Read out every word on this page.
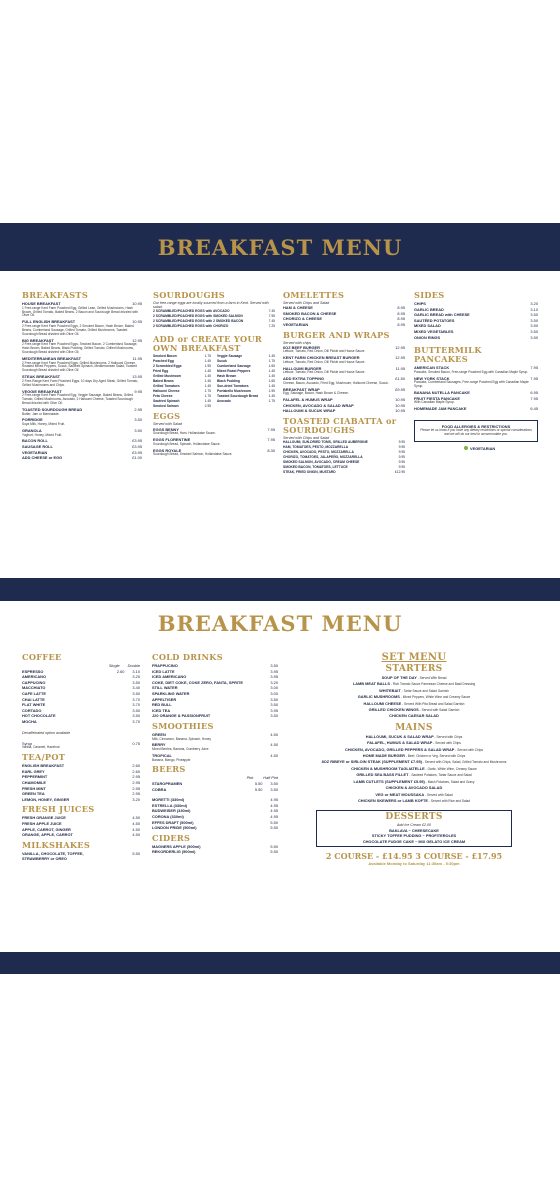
BREAKFAST MENU
BREAKFASTS
HOUSE BREAKFAST	10.95
1 Free-range Kent Farm Poached Egg, Grilled Lean, Grilled Mushrooms, Hash Brown, Grilled Tomato, Baked Beans, 2 Bacon and Sourdough Bread drizzled with Olive Oil.
FULL ENGLISH BREAKFAST	10.95
2 Free-range Kent Farm Poached Eggs, 2 Smoked Bacon, Hash Brown, Baked Beans, Cumberland Sausage, Grilled Tomato, Grilled Mushrooms, Toasted Sourdough Bread drizzled with Olive Oil.
BIG BREAKFAST	12.95
2 Free-range Kent Farm Poached Eggs, Smoked Bacon, 2 Cumberland Sausage, Hash Brown, Baked Beans, Black Pudding, Grilled Tomato, Grilled Mushrooms, Sourdough Bread drizzled with Olive Oil.
MEDITERRANEAN BREAKFAST	11.95
2 Free-range Kent Farm Poached Eggs, Grilled Mushrooms, 2 Halloumi Cheese, Roasted Mixed Peppers, Sucuk, Sauteed Spinach, Mediterranean Salad, Toasted Sourdough Bread drizzled with Olive Oil.
STEAK BREAKFAST	13.95
2 Free-Range Kent Farm Poached Eggs, 10 days Dry Aged Steak, Grilled Tomato, Grilled Mushrooms and Chips.
VEGGIE BREAKFAST	9.95
2 Free-range Kent Farm Poached Egg, Veggie Sausage, Baked Beans, Grilled Tomato, Grilled Mushrooms, Avocado, 2 Halloumi Cheese, Toasted Sourdough Bread drizzled with Olive Oil.
TOASTED SOURDOUGH BREAD	2.95
Butter, Jam or Marmalade.
PORRIDGE	3.50
Soya Milk, Honey, Mixed Fruit.
GRANOLA	3.50
Yoghurt, Honey, Mixed Fruit.
BACON ROLL	£3.95
SAUSAGE ROLL	£3.95
VEGETARIAN	£3.95
ADD CHEESE or EGG	£1.00
SOURDOUGHS
Our free-range eggs are locally sourced from a farm in Kent. Served with salad.
2 SCRAMBLED/POACHED EGGS with AVOCADO	7.45
2 SCRAMBLED/POACHED EGGS with SMOKED SALMON	7.95
2 SCRAMBLED/POACHED EGGS with 2 SMOKED BACON	7.45
2 SCRAMBLED/POACHED EGGS with CHORIZO	7.25
ADD or CREATE YOUR OWN BREAKFAST
Smoked Bacon	1.75
Poached Egg	1.45
2 Scrambled Eggs	1.95
Fried Egg	1.45
Grilled Mushroom	1.45
Baked Beans	1.45
Grilled Tomatoes	1.45
Halloumi Cheese	1.75
Feta Cheese	1.75
Sautéed Spinach	1.45
Smoked Salmon	2.95
Veggie Sausage	1.45
Sucuk	1.75
Cumberland Sausage	1.65
Mixed Roast Peppers	1.45
Hash Brown	1.45
Black Pudding	1.65
Sun-dried Tomatoes	1.45
Portabello Mushroom	1.95
Toasted Sourdough Bread	1.45
Avocado	1.75
EGGS
Served with Salad
EGGS BENNY	7.95
Sourdough Bread, Ham, Hollandaise Sauce.
EGGS FLORENTINE	7.95
Sourdough Bread, Spinach, Hollandaise Sauce.
EGGS ROYALE	8.30
Sourdough Bread, Smoked Salmon, Hollandaise Sauce.
OMELETTES
Served with Chips and Salad
HAM & CHEESE	8.95
SMOKED BACON & CHEESE	8.95
CHORIZO & CHEESE	8.95
VEGETARIAN	8.95
BURGER AND WRAPS
Served with chips
6OZ BEEF BURGER	12.95
Lettuce, Tomato, Red Onion, Dill Pickle and House Sauce.
KENT FARM CHICKEN BREAST BURGER	12.95
Lettuce, Tomato, Red Onion, Dill Pickle and House Sauce.
HALLOUMI BURGER	11.95
Lettuce, Tomato, Red Onion, Dill Pickle and House Sauce.
ADD EXTRA TOPPING	£1.50
Cheese, Bacon, Avocado, Fried Egg, Mushroom, Halloumi Cheese, Sucuk.
BREAKFAST WRAP	£9.95
Egg, Sausage, Bacon, Hash Brown & Cheese.
FALAFEL & HUMUS WRAP	10.95
CHICKEN, AVOCADO & SALAD WRAP	10.95
HALLOUMI & SUCUK WRAP	10.95
TOASTED CIABATTA or SOURDOUGHS
Served with Chips and Salad
HALLOUMI, SUN-DRIED TOMS, GRILLED AUBERGINE	9.95
HAM, TOMATOES, PESTO, MOZZARELLA	9.95
CHICKEN, AVOCADO, PESTO, MOZZARELLA	9.95
CHORIZO, TOMATOES, JALAPEÑO, MOZZARELLA	9.95
SMOKED SALMON, AVOCADO, CREAM CHEESE	9.95
SMOKED BACON, TOMATOES, LETTUCE	9.95
STEAK, FRIED ONION, MUSTARD	£12.95
SIDES
CHIPS	3.20
GARLIC BREAD	3.10
GARLIC BREAD with CHEESE	3.50
SAUTÉED POTATOES	3.50
MIXED SALAD	3.50
MIXED VEGETABLES	3.50
ONION RINGS	3.50
BUTTERMILK PANCAKES
AMERICAN STACK	7.95
Pancake, Smoked Bacon, Free-range Poached Egg with Canadian Maple Syrup.
NEW YORK STACK	7.95
Pancake, Cumberland Sausages, Free-range Poached Egg with Canadian Maple Syrup.
BANANA NUTELLA PANCAKE	6.95
FRUIT FIESTA PANCAKE	7.95
With Canadian Maple Syrup.
HOMEMADE JAM PANCAKE	6.45
FOOD ALLERGIES & RESTRICTIONS
Please let us know if you have any dietary restrictions or special considerations and we will do our best to accommodate you.
VEGETARIAN
BREAKFAST MENU
COFFEE
Single Double
ESPRESSO	2.60 3.10
AMERICANO	3.20
CAPPUCINO	3.50
MACCHIATO	3.40
CAFE LATTE	3.50
CHAI LATTE	3.70
FLAT WHITE	3.70
CORTADO	3.50
HOT CHOCOLATE	3.50
MOCHA	3.70
Decaffeinated option available
Syrup	0.75
Vanilla, Caramel, Hazelnut
TEA/POT
ENGLISH BREAKFAST	2.60
EARL GREY	2.60
PEPPERMINT	2.95
CHAMOMILE	2.95
FRESH MINT	2.95
GREEN TEA	2.95
LEMON, HONEY, GINGER	3.20
FRESH JUICES
FRESH ORANGE JUICE	4.50
FRESH APPLE JUICE	4.50
APPLE, CARROT, GINGER	4.50
ORANGE, APPLE, CARROT	4.50
MILKSHAKES
VANILLA, CHOCOLATE, TOFFEE, STRAWBERRY or OREO
5.50
COLD DRINKS
FRAPPUCINO	3.50
ICED LATTE	3.95
ICED AMERICANO	3.95
COKE, DIET COKE, COKE ZERO, FANTA, SPRITE	3.20
STILL WATER	3.00
SPARKLING WATER	3.00
APPELTISER	3.50
RED BULL	3.50
ICED TEA	3.95
J20 ORANGE & PASSIONFRUIT	3.50
SMOOTHIES
GREEN	4.50
Milk, Cinnamon, Banana, Spinach, Honey
BERRY	4.50
Mixed Berries, Banana, Cranberry Juice
TROPICAL	4.50
Banana, Mango, Pineapple
BEERS
Pint	Half Pint
STAROPRAMEN	5.50 3.50
COBRA	5.50 3.50
MORETTI (330ml)	4.95
ESTRELLA (330ml)	4.95
BUDWEISER (330ml)	4.95
CORONA (330ml)	4.95
EFFES DRAFT (500ml)	5.50
LONDON PRIDE (500ml)	5.50
CIDERS
MAGNERS APPLE (500ml)	5.50
REKORDERLIG (500ml)	5.50
SET MENU
STARTERS
SOUP OF THE DAY - Served With Bread
LAMB MEAT BALLS - Rich Tomato Sauce Parmesan Cheese and Basil Dressing
WHITEBAIT - Tartar Sauce and Salad Garnish
GARLIC MUSHROOMS - Mixed Peppers, White Wine and Creamy Sauce
HALLOUMI CHEESE - Served With Pita Bread and Salad Garnish
GRILLED CHICKEN WINGS - Served with Salad Garnish
CHICKEN CAESAR SALAD
MAINS
HALLOUMI, SUCUK & SALAD WRAP - Served with Chips
FALAFEL, HUMUS & SALAD WRAP - Served with Chips
CHICKEN, AVOCADO, GRILLED PEPPERS & SALAD WRAP - Served with Chips
HOME MADE BURGER - Beef, Chicken or Veg. Served with Chips
8OZ RIBEYE or SIRLOIN STEAK (SUPPLEMENT £7.95) - Served with Chips, Salad, Grilled Tomato and Mushrooms
CHICKEN & MUSHROOM TAGLIATELLE - Garlic, White Wine, Creamy Sauce
GRILLED SEA BASS FILLET - Sauteed Potatoes, Tartar Sauce and Salad
LAMB CUTLETS (SUPPLEMENT £5.95) - Mash Potatoes, Salad and Gravy
CHICKEN & AVOCADO SALAD
VEG or MEAT MOUSSAKA - Served with Salad
CHICKEN SKEWERS or LAMB KOFTE - Served with Rice and Salad
DESSERTS
Add Ice Cream £2.00
BAKLAVA ~ CHEESECAKE
STICKY TOFFEE PUDDING ~ PROFITEROLES
CHOCOLATE FUDGE CAKE ~ MIX GELATO ICE CREAM
2 COURSE - £14.95 3 COURSE - £17.95
Available Monday to Saturday 11:30am - 5:30pm
